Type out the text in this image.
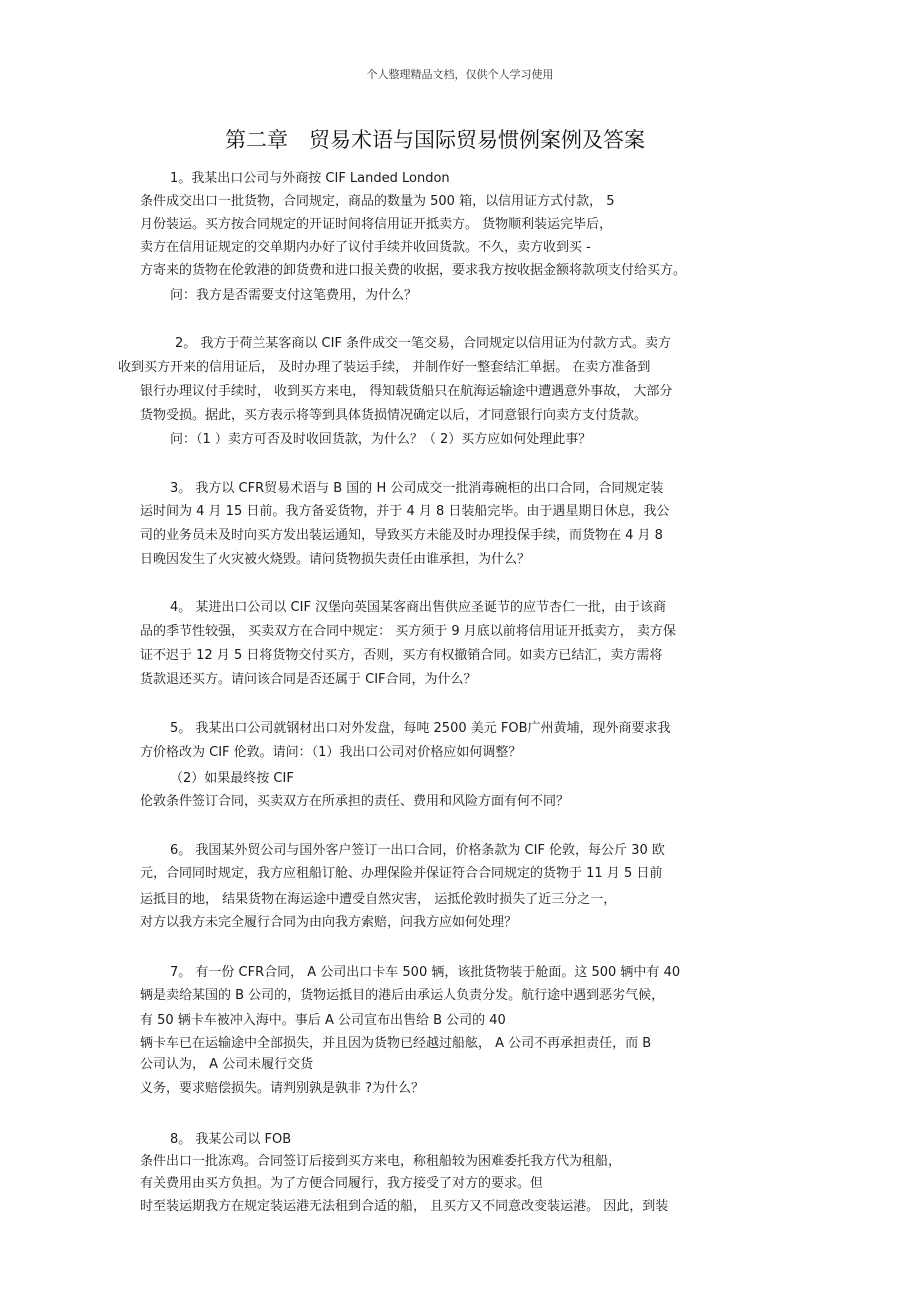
个人整理精品文档，仅供个人学习使用
第二章　贸易术语与国际贸易惯例案例及答案
1。我某出口公司与外商按 CIF Landed London
条件成交出口一批货物，合同规定，商品的数量为 500 箱，以信用证方式付款， 5
月份装运。买方按合同规定的开证时间将信用证开抵卖方。 货物顺利装运完毕后，
卖方在信用证规定的交单期内办好了议付手续并收回货款。不久，卖方收到买 -
方寄来的货物在伦敦港的卸货费和进口报关费的收据，要求我方按收据金额将款项支付给买方。
问：我方是否需要支付这笔费用，为什么？
2。 我方于荷兰某客商以 CIF 条件成交一笔交易，合同规定以信用证为付款方式。卖方
收到买方开来的信用证后， 及时办理了装运手续， 并制作好一整套结汇单据。 在卖方准备到
银行办理议付手续时， 收到买方来电， 得知载货船只在航海运输途中遭遇意外事故， 大部分
货物受损。据此，买方表示将等到具体货损情况确定以后，才同意银行向卖方支付货款。
问：（1 ）卖方可否及时收回货款，为什么？（ 2）买方应如何处理此事？
3。 我方以 CFR贸易术语与 B 国的 H 公司成交一批消毒碗柜的出口合同，合同规定装
运时间为 4 月 15 日前。我方备妥货物，并于 4 月 8 日装船完毕。由于遇星期日休息，我公
司的业务员未及时向买方发出装运通知，导致买方未能及时办理投保手续，而货物在 4 月 8
日晚因发生了火灾被火烧毁。请问货物损失责任由谁承担，为什么？
4。 某进出口公司以 CIF 汉堡向英国某客商出售供应圣诞节的应节杏仁一批，由于该商
品的季节性较强， 买卖双方在合同中规定： 买方须于 9 月底以前将信用证开抵卖方， 卖方保
证不迟于 12 月 5 日将货物交付买方，否则，买方有权撤销合同。如卖方已结汇，卖方需将
货款退还买方。请问该合同是否还属于 CIF合同，为什么？
5。 我某出口公司就钢材出口对外发盘，每吨 2500 美元 FOB广州黄埔，现外商要求我
方价格改为 CIF 伦敦。请问：（1）我出口公司对价格应如何调整？
（2）如果最终按 CIF
伦敦条件签订合同，买卖双方在所承担的责任、费用和风险方面有何不同？
6。 我国某外贸公司与国外客户签订一出口合同，价格条款为 CIF 伦敦，每公斤 30 欧
元，合同同时规定，我方应租船订舱、办理保险并保证符合合同规定的货物于 11 月 5 日前
运抵目的地， 结果货物在海运途中遭受自然灾害， 运抵伦敦时损失了近三分之一，
对方以我方未完全履行合同为由向我方索赔，问我方应如何处理？
7。 有一份 CFR合同， A 公司出口卡车 500 辆，该批货物装于舱面。这 500 辆中有 40
辆是卖给某国的 B 公司的，货物运抵目的港后由承运人负责分发。航行途中遇到恶劣气候，
有 50 辆卡车被冲入海中。事后 A 公司宣布出售给 B 公司的 40
辆卡车已在运输途中全部损失，并且因为货物已经越过船舷， A 公司不再承担责任，而 B
公司认为， A 公司未履行交货
义务，要求赔偿损失。请判别孰是孰非 ?为什么？
8。 我某公司以 FOB
条件出口一批冻鸡。合同签订后接到买方来电，称租船较为困难委托我方代为租船，
有关费用由买方负担。为了方便合同履行，我方接受了对方的要求。但
时至装运期我方在规定装运港无法租到合适的船， 且买方又不同意改变装运港。 因此，到装
